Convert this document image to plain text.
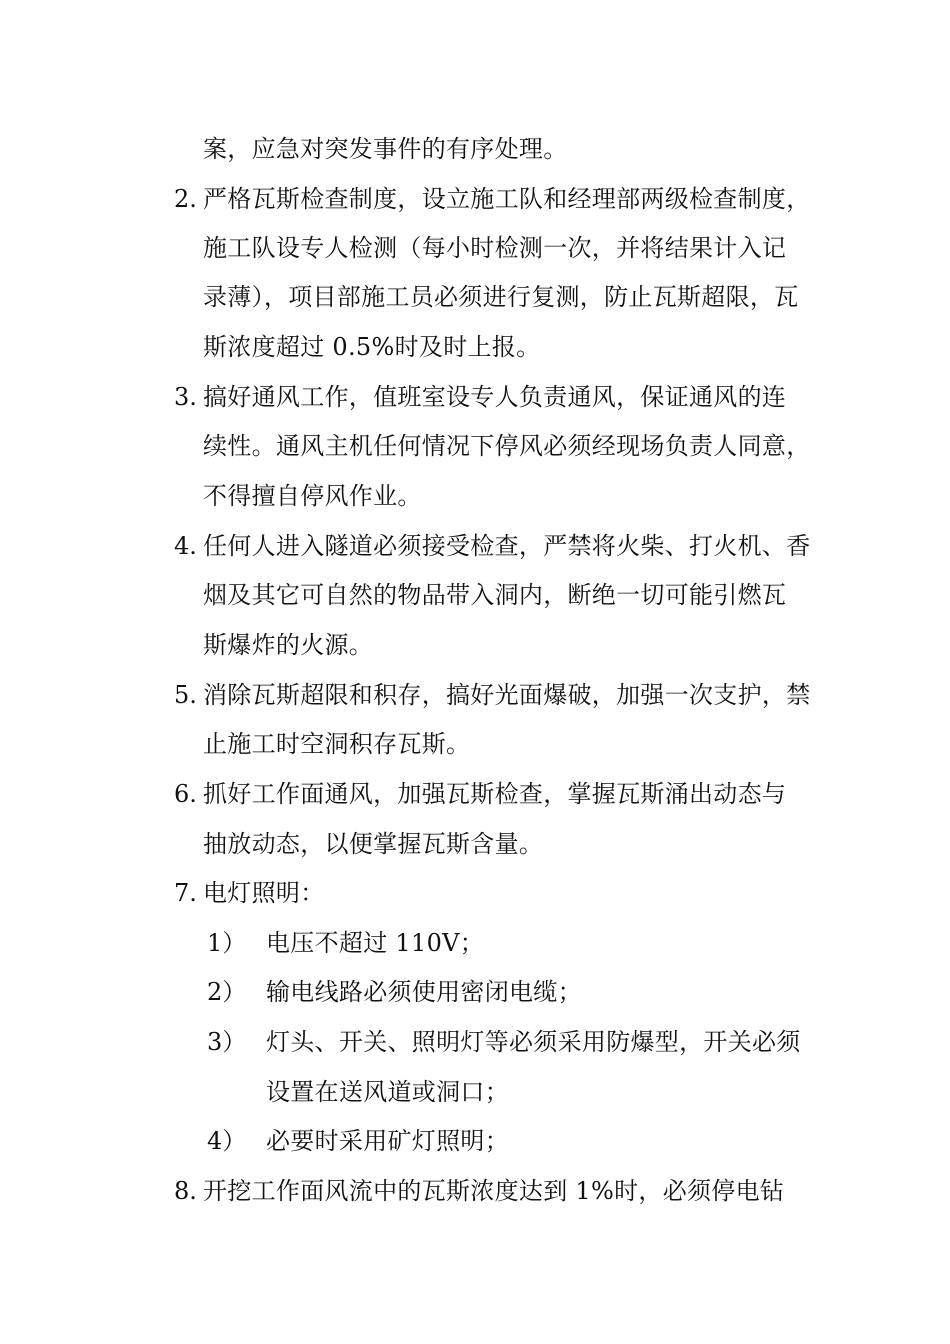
案，应急对突发事件的有序处理。
2. 严格瓦斯检查制度，设立施工队和经理部两级检查制度，
施工队设专人检测（每小时检测一次，并将结果计入记
录薄），项目部施工员必须进行复测，防止瓦斯超限，瓦
斯浓度超过 0.5%时及时上报。
3. 搞好通风工作，值班室设专人负责通风，保证通风的连
续性。通风主机任何情况下停风必须经现场负责人同意，
不得擅自停风作业。
4. 任何人进入隧道必须接受检查，严禁将火柴、打火机、香
烟及其它可自然的物品带入洞内，断绝一切可能引燃瓦
斯爆炸的火源。
5. 消除瓦斯超限和积存，搞好光面爆破，加强一次支护，禁
止施工时空洞积存瓦斯。
6. 抓好工作面通风，加强瓦斯检查，掌握瓦斯涌出动态与
抽放动态，以便掌握瓦斯含量。
7. 电灯照明：
1） 电压不超过 110V；
2） 输电线路必须使用密闭电缆；
3） 灯头、开关、照明灯等必须采用防爆型，开关必须
设置在送风道或洞口；
4） 必要时采用矿灯照明；
8. 开挖工作面风流中的瓦斯浓度达到 1%时，必须停电钻
